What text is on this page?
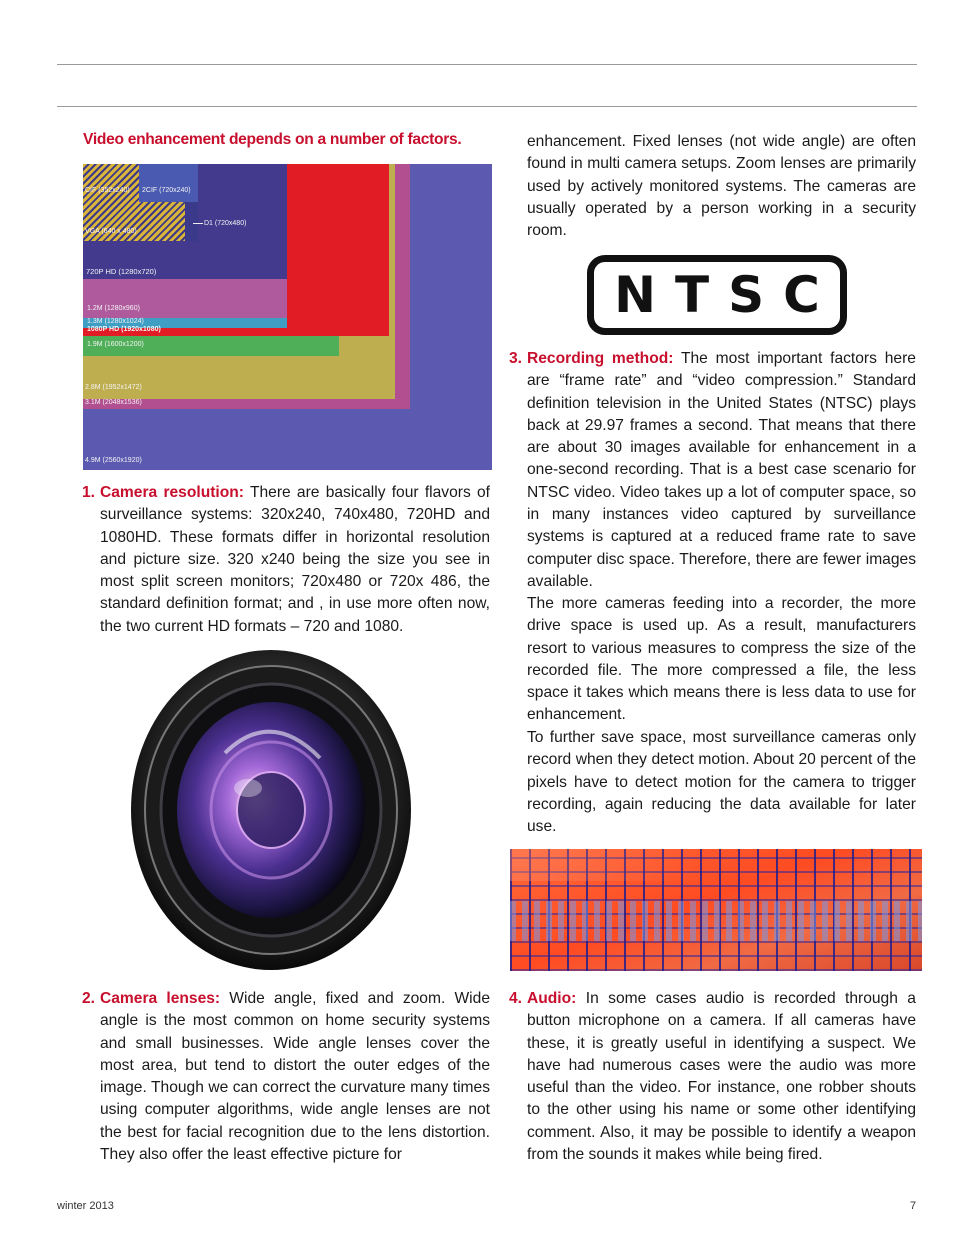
Video enhancement depends on a number of factors.
CIF (352x240) 2CIF (720x240)
VGA (640 x 480)
D1 (720x480)
720P HD (1280x720)
1.2M (1280x960)
1.3M (1280x1024)
1080P HD (1920x1080)
1.9M (1600x1200)
2.8M (1952x1472)
3.1M (2048x1536)
4.9M (2560x1920)
1. Camera resolution: There are basically four flavors of surveillance systems: 320x240, 740x480, 720HD and 1080HD. These formats differ in horizontal resolution and picture size. 320 x240 being the size you see in most split screen monitors; 720x480 or 720x 486, the standard definition format; and , in use more often now, the two current HD formats – 720 and 1080.
2. Camera lenses: Wide angle, fixed and zoom. Wide angle is the most common on home security systems and small businesses. Wide angle lenses cover the most area, but tend to distort the outer edges of the image. Though we can correct the curvature many times using computer algorithms, wide angle lenses are not the best for facial recognition due to the lens distortion. They also offer the least effective picture for
enhancement. Fixed lenses (not wide angle) are often found in multi camera setups. Zoom lenses are primarily used by actively monitored systems. The cameras are usually operated by a person working in a security room.
NTSC
3. Recording method: The most important factors here are “frame rate” and “video compression.” Standard definition television in the United States (NTSC) plays back at 29.97 frames a second. That means that there are about 30 images available for enhancement in a one-second recording. That is a best case scenario for NTSC video. Video takes up a lot of computer space, so in many instances video captured by surveillance systems is captured at a reduced frame rate to save computer disc space. Therefore, there are fewer images available.
The more cameras feeding into a recorder, the more drive space is used up. As a result, manufacturers resort to various measures to compress the size of the recorded file. The more compressed a file, the less space it takes which means there is less data to use for enhancement.
To further save space, most surveillance cameras only record when they detect motion. About 20 percent of the pixels have to detect motion for the camera to trigger recording, again reducing the data available for later use.
4. Audio: In some cases audio is recorded through a button microphone on a camera. If all cameras have these, it is greatly useful in identifying a suspect. We have had numerous cases were the audio was more useful than the video. For instance, one robber shouts to the other using his name or some other identifying comment. Also, it may be possible to identify a weapon from the sounds it makes while being fired.
winter 2013	7
